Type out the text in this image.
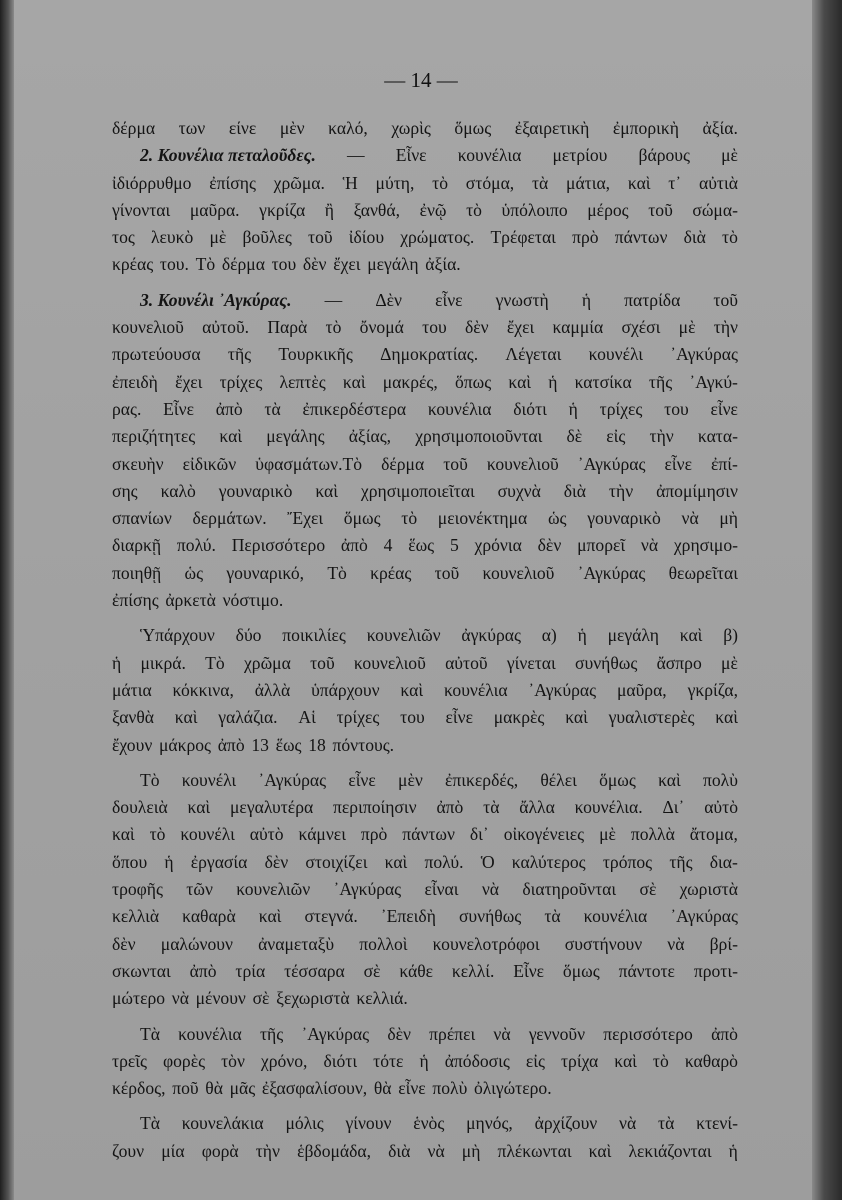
— 14 —
δέρμα των είνε μὲν καλό, χωρὶς ὅμως ἐξαιρετικὴ ἐμπορικὴ ἀξία.
2. Κουνέλια πεταλοῦδες. — Εἶνε κουνέλια μετρίου βάρους μὲ
ἰδιόρρυθμο ἐπίσης χρῶμα. Ἡ μύτη, τὸ στόμα, τὰ μάτια, καὶ τ᾽ αὐτιὰ
γίνονται μαῦρα. γκρίζα ἢ ξανθά, ἐνῷ τὸ ὑπόλοιπο μέρος τοῦ σώμα-
τος λευκὸ μὲ βοῦλες τοῦ ἰδίου χρώματος. Τρέφεται πρὸ πάντων διὰ τὸ
κρέας του. Τὸ δέρμα του δὲν ἔχει μεγάλη ἀξία.
3. Κουνέλι ᾿Αγκύρας. — Δὲν εἶνε γνωστὴ ἡ πατρίδα τοῦ
κουνελιοῦ αὐτοῦ. Παρὰ τὸ ὄνομά του δὲν ἔχει καμμία σχέσι μὲ τὴν
πρωτεύουσα τῆς Τουρκικῆς Δημοκρατίας. Λέγεται κουνέλι ᾿Αγκύρας
ἐπειδὴ ἔχει τρίχες λεπτὲς καὶ μακρές, ὅπως καὶ ἡ κατσίκα τῆς ᾿Αγκύ-
ρας. Εἶνε ἀπὸ τὰ ἐπικερδέστερα κουνέλια διότι ἡ τρίχες του εἶνε
περιζήτητες καὶ μεγάλης ἀξίας, χρησιμοποιοῦνται δὲ εἰς τὴν κατα-
σκευὴν εἰδικῶν ὑφασμάτων.Τὸ δέρμα τοῦ κουνελιοῦ ᾿Αγκύρας εἶνε ἐπί-
σης καλὸ γουναρικὸ καὶ χρησιμοποιεῖται συχνὰ διὰ τὴν ἀπομίμησιν
σπανίων δερμάτων. Ἔχει ὅμως τὸ μειονέκτημα ὡς γουναρικὸ νὰ μὴ
διαρκῇ πολύ. Περισσότερο ἀπὸ 4 ἕως 5 χρόνια δὲν μπορεῖ νὰ χρησιμο-
ποιηθῇ ὡς γουναρικό, Τὸ κρέας τοῦ κουνελιοῦ ᾿Αγκύρας θεωρεῖται
ἐπίσης ἀρκετὰ νόστιμο.
Ὑπάρχουν δύο ποικιλίες κουνελιῶν ἀγκύρας α) ἡ μεγάλη καὶ β)
ἡ μικρά. Τὸ χρῶμα τοῦ κουνελιοῦ αὐτοῦ γίνεται συνήθως ἄσπρο μὲ
μάτια κόκκινα, ἀλλὰ ὑπάρχουν καὶ κουνέλια ᾿Αγκύρας μαῦρα, γκρίζα,
ξανθὰ καὶ γαλάζια. Αἱ τρίχες του εἶνε μακρὲς καὶ γυαλιστερὲς καὶ
ἔχουν μάκρος ἀπὸ 13 ἕως 18 πόντους.
Τὸ κουνέλι ᾿Αγκύρας εἶνε μὲν ἐπικερδές, θέλει ὅμως καὶ πολὺ
δουλειὰ καὶ μεγαλυτέρα περιποίησιν ἀπὸ τὰ ἄλλα κουνέλια. Δι᾽ αὐτὸ
καὶ τὸ κουνέλι αὐτὸ κάμνει πρὸ πάντων δι᾽ οἰκογένειες μὲ πολλὰ ἄτομα,
ὅπου ἡ ἐργασία δὲν στοιχίζει καὶ πολύ. Ὁ καλύτερος τρόπος τῆς δια-
τροφῆς τῶν κουνελιῶν ᾿Αγκύρας εἶναι νὰ διατηροῦνται σὲ χωριστὰ
κελλιὰ καθαρὰ καὶ στεγνά. ᾿Επειδὴ συνήθως τὰ κουνέλια ᾿Αγκύρας
δὲν μαλώνουν ἀναμεταξὺ πολλοὶ κουνελοτρόφοι συστήνουν νὰ βρί-
σκωνται ἀπὸ τρία τέσσαρα σὲ κάθε κελλί. Εἶνε ὅμως πάντοτε προτι-
μώτερο νὰ μένουν σὲ ξεχωριστὰ κελλιά.
Τὰ κουνέλια τῆς ᾿Αγκύρας δὲν πρέπει νὰ γεννοῦν περισσότερο ἀπὸ
τρεῖς φορὲς τὸν χρόνο, διότι τότε ἡ ἀπόδοσις εἰς τρίχα καὶ τὸ καθαρὸ
κέρδος, ποῦ θὰ μᾶς ἐξασφαλίσουν, θὰ εἶνε πολὺ ὀλιγώτερο.
Τὰ κουνελάκια μόλις γίνουν ἑνὸς μηνός, ἀρχίζουν νὰ τὰ κτενί-
ζουν μία φορὰ τὴν ἑβδομάδα, διὰ νὰ μὴ πλέκωνται καὶ λεκιάζονται ἡ
